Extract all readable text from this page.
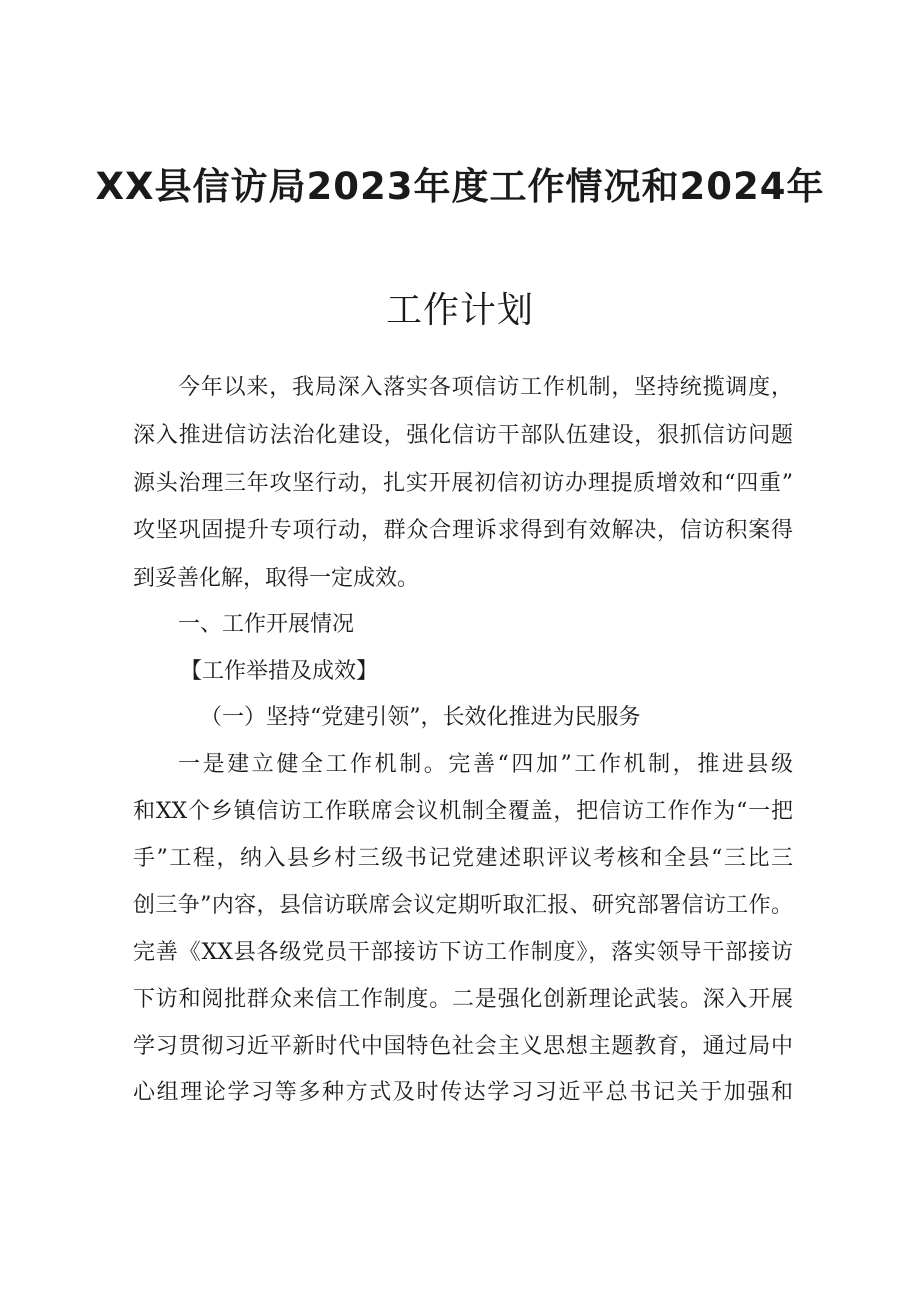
XX县信访局2023年度工作情况和2024年
工作计划

今年以来，我局深入落实各项信访工作机制，坚持统揽调度，

深入推进信访法治化建设，强化信访干部队伍建设，狠抓信访问题

源头治理三年攻坚行动，扎实开展初信初访办理提质增效和“四重”

攻坚巩固提升专项行动，群众合理诉求得到有效解决，信访积案得

到妥善化解，取得一定成效。

一、工作开展情况

【工作举措及成效】

（一）坚持“党建引领”，长效化推进为民服务

一是建立健全工作机制。完善“四加”工作机制，推进县级

和XX个乡镇信访工作联席会议机制全覆盖，把信访工作作为“一把

手”工程，纳入县乡村三级书记党建述职评议考核和全县“三比三

创三争”内容，县信访联席会议定期听取汇报、研究部署信访工作。

完善《XX县各级党员干部接访下访工作制度》，落实领导干部接访

下访和阅批群众来信工作制度。二是强化创新理论武装。深入开展

学习贯彻习近平新时代中国特色社会主义思想主题教育，通过局中

心组理论学习等多种方式及时传达学习习近平总书记关于加强和
